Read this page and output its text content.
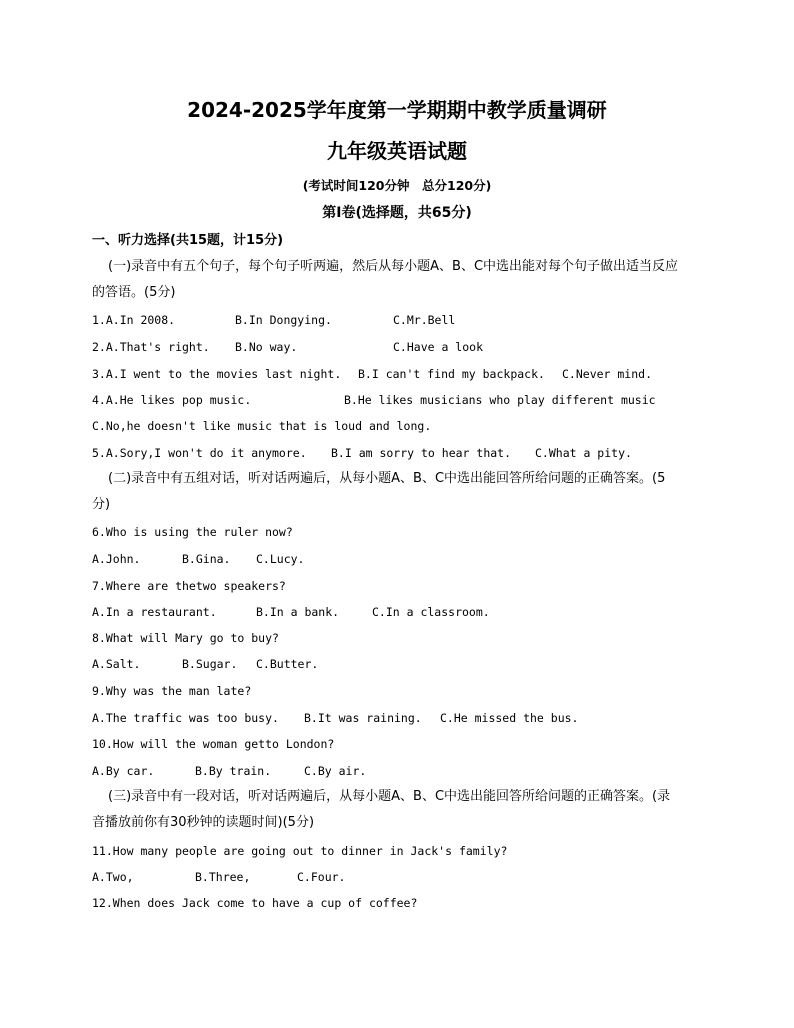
2024-2025学年度第一学期期中教学质量调研
九年级英语试题
(考试时间120分钟　总分120分)
第Ⅰ卷(选择题，共65分)
一、听力选择(共15题，计15分)
(一)录音中有五个句子，每个句子听两遍，然后从每小题A、B、C中选出能对每个句子做出适当反应
的答语。(5分)
1.A.In 2008.	B.In Dongying.	C.Mr.Bell
2.A.That's right. B.No way.	C.Have a look
3.A.I went to the movies last night. B.I can't find my backpack. C.Never mind.
4.A.He likes pop music.	B.He likes musicians who play different music
C.No,he doesn't like music that is loud and long.
5.A.Sory,I won't do it anymore. B.I am sorry to hear that. C.What a pity.
(二)录音中有五组对话，听对话两遍后，从每小题A、B、C中选出能回答所给问题的正确答案。(5
分)
6.Who is using the ruler now?
A.John.	B.Gina. C.Lucy.
7.Where are thetwo speakers?
A.In a restaurant.	B.In a bank.	C.In a classroom.
8.What will Mary go to buy?
A.Salt.	B.Sugar. C.Butter.
9.Why was the man late?
A.The traffic was too busy. B.It was raining. C.He missed the bus.
10.How will the woman getto London?
A.By car.	B.By train.	C.By air.
(三)录音中有一段对话，听对话两遍后，从每小题A、B、C中选出能回答所给问题的正确答案。(录
音播放前你有30秒钟的读题时间)(5分)
11.How many people are going out to dinner in Jack's family?
A.Two,	B.Three,	C.Four.
12.When does Jack come to have a cup of coffee?
